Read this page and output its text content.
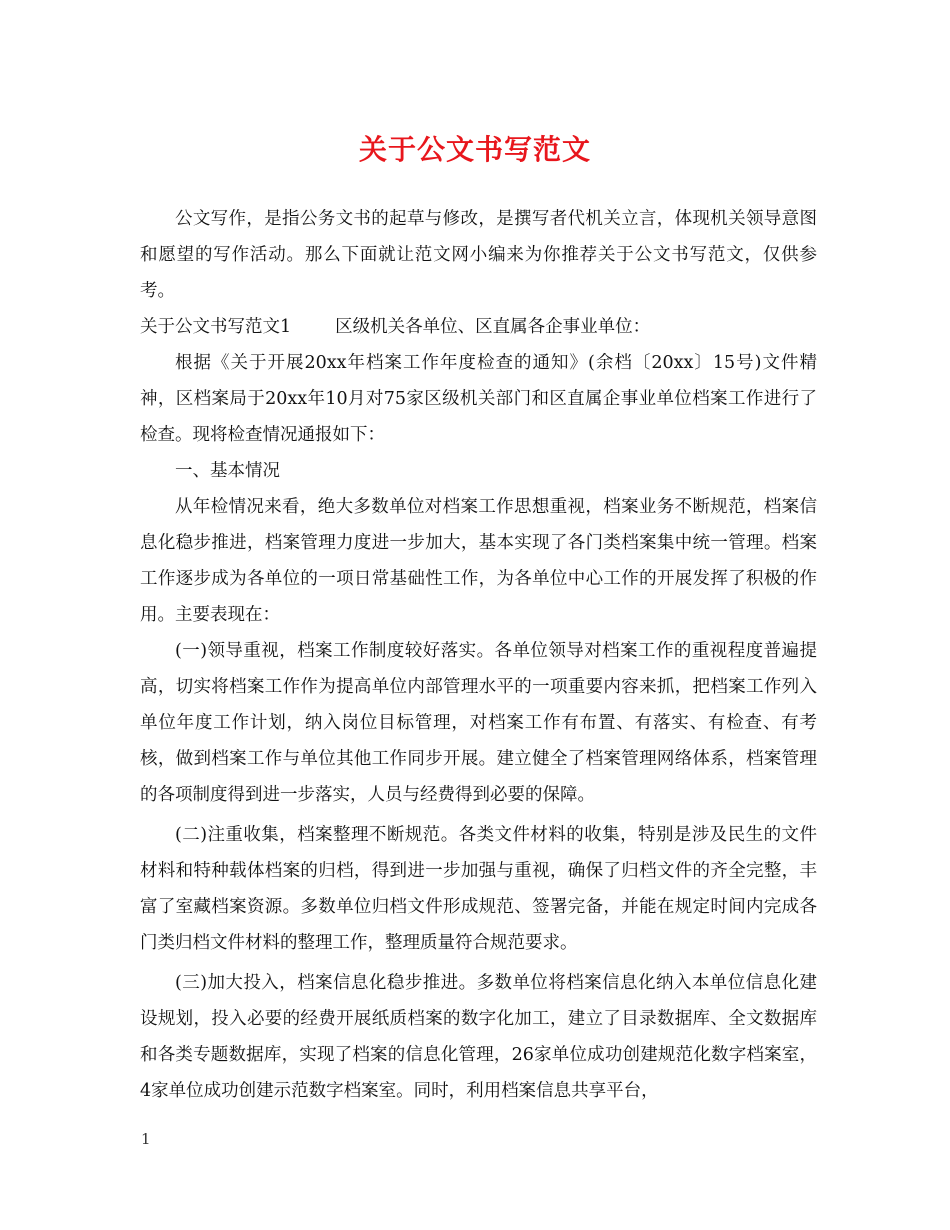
关于公文书写范文

公文写作，是指公务文书的起草与修改，是撰写者代机关立言，体现机关领导意图和愿望的写作活动。那么下面就让范文网小编来为你推荐关于公文书写范文，仅供参考。

关于公文书写范文1	区级机关各单位、区直属各企事业单位：

根据《关于开展20xx年档案工作年度检查的通知》(余档〔20xx〕15号)文件精神，区档案局于20xx年10月对75家区级机关部门和区直属企事业单位档案工作进行了检查。现将检查情况通报如下：

一、基本情况

从年检情况来看，绝大多数单位对档案工作思想重视，档案业务不断规范，档案信息化稳步推进，档案管理力度进一步加大，基本实现了各门类档案集中统一管理。档案工作逐步成为各单位的一项日常基础性工作，为各单位中心工作的开展发挥了积极的作用。主要表现在：

(一)领导重视，档案工作制度较好落实。各单位领导对档案工作的重视程度普遍提高，切实将档案工作作为提高单位内部管理水平的一项重要内容来抓，把档案工作列入单位年度工作计划，纳入岗位目标管理，对档案工作有布置、有落实、有检查、有考核，做到档案工作与单位其他工作同步开展。建立健全了档案管理网络体系，档案管理的各项制度得到进一步落实，人员与经费得到必要的保障。

(二)注重收集，档案整理不断规范。各类文件材料的收集，特别是涉及民生的文件材料和特种载体档案的归档，得到进一步加强与重视，确保了归档文件的齐全完整，丰富了室藏档案资源。多数单位归档文件形成规范、签署完备，并能在规定时间内完成各门类归档文件材料的整理工作，整理质量符合规范要求。

(三)加大投入，档案信息化稳步推进。多数单位将档案信息化纳入本单位信息化建设规划，投入必要的经费开展纸质档案的数字化加工，建立了目录数据库、全文数据库和各类专题数据库，实现了档案的信息化管理，26家单位成功创建规范化数字档案室，4家单位成功创建示范数字档案室。同时，利用档案信息共享平台，

1
